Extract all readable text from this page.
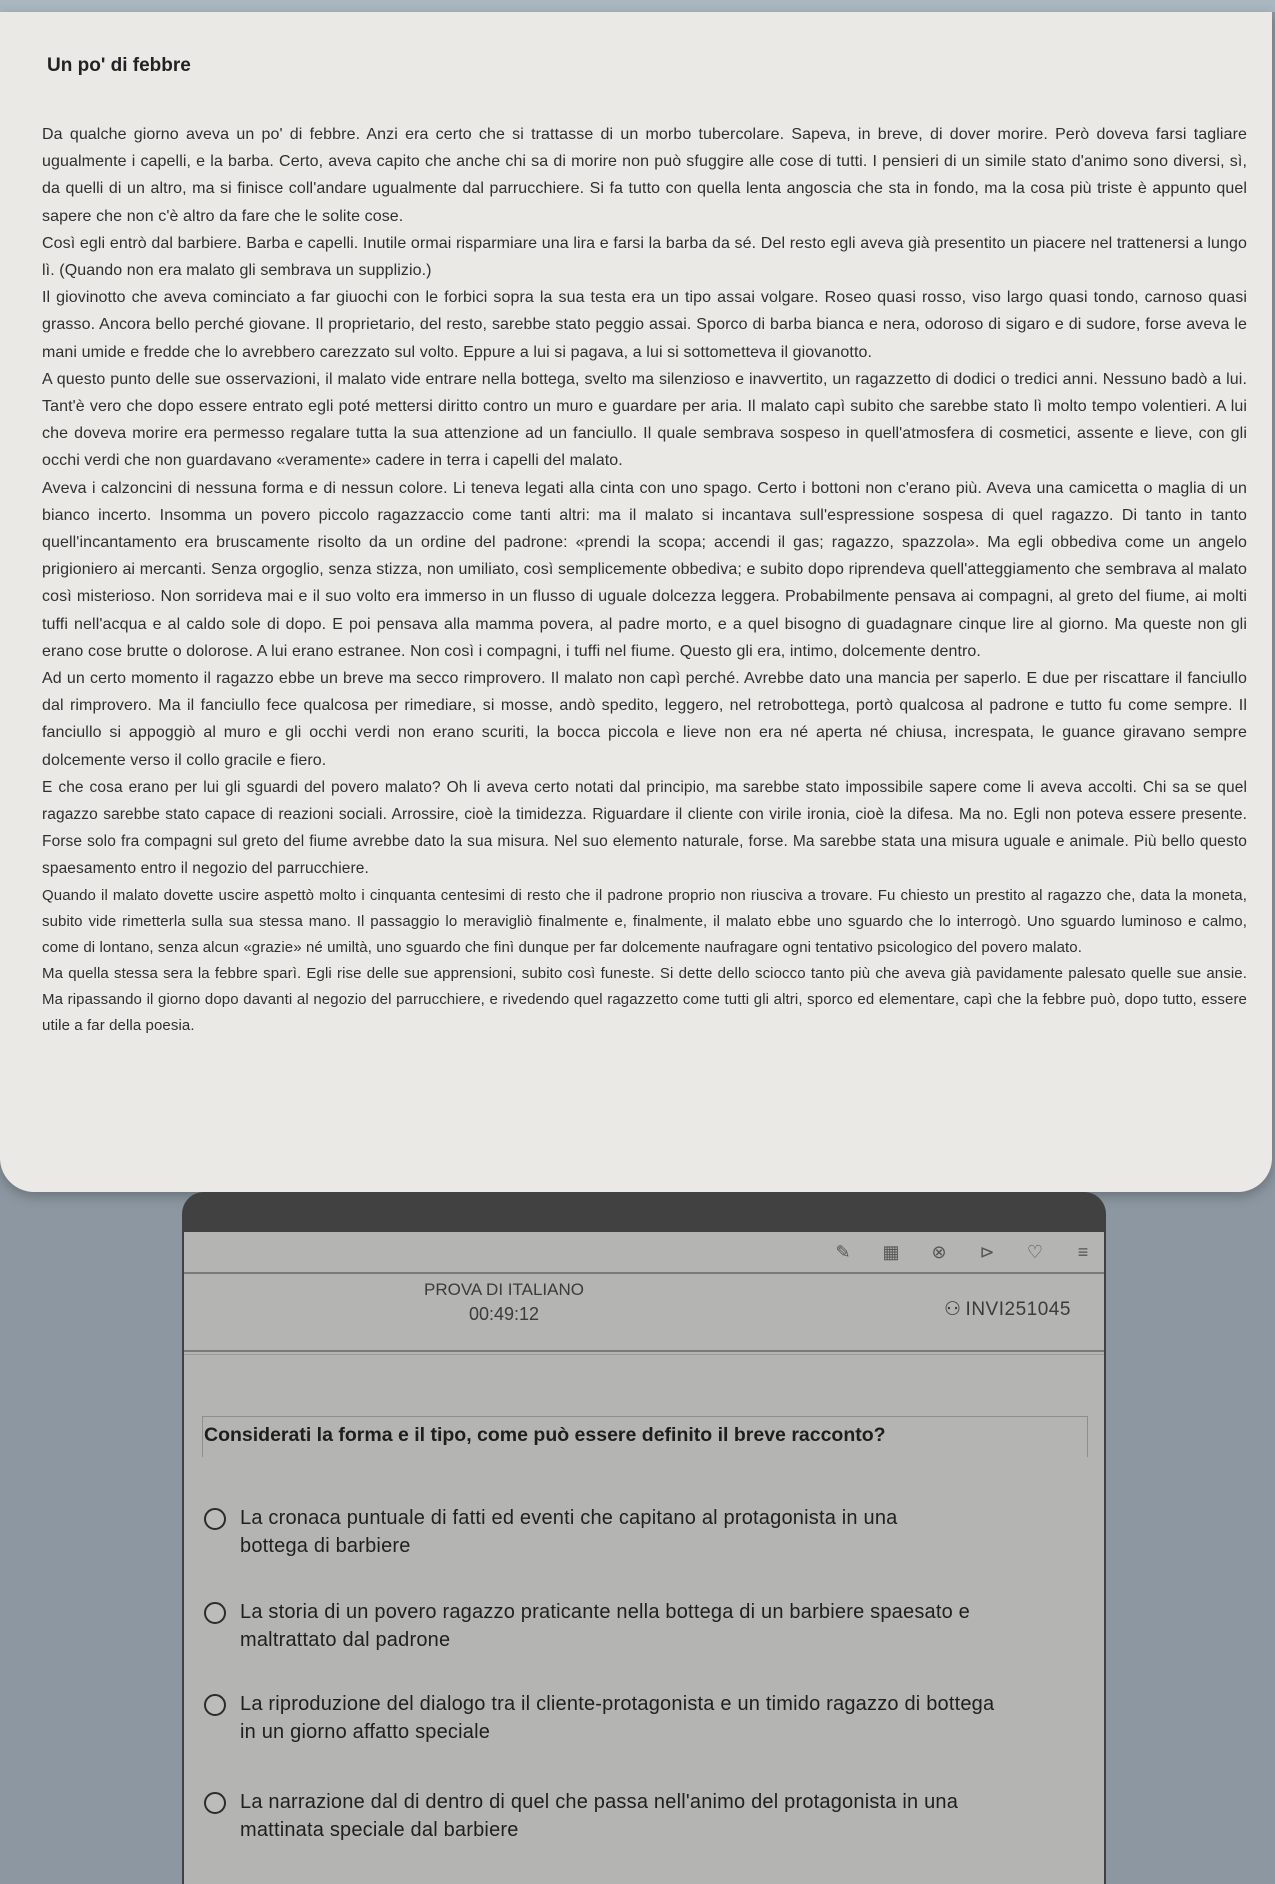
Un po' di febbre

Da qualche giorno aveva un po' di febbre. Anzi era certo che si trattasse di un morbo tubercolare. Sapeva, in breve, di dover morire. Però doveva farsi tagliare ugualmente i capelli, e la barba. Certo, aveva capito che anche chi sa di morire non può sfuggire alle cose di tutti. I pensieri di un simile stato d'animo sono diversi, sì, da quelli di un altro, ma si finisce coll'andare ugualmente dal parrucchiere. Si fa tutto con quella lenta angoscia che sta in fondo, ma la cosa più triste è appunto quel sapere che non c'è altro da fare che le solite cose.

Così egli entrò dal barbiere. Barba e capelli. Inutile ormai risparmiare una lira e farsi la barba da sé. Del resto egli aveva già presentito un piacere nel trattenersi a lungo lì. (Quando non era malato gli sembrava un supplizio.)

Il giovinotto che aveva cominciato a far giuochi con le forbici sopra la sua testa era un tipo assai volgare. Roseo quasi rosso, viso largo quasi tondo, carnoso quasi grasso. Ancora bello perché giovane. Il proprietario, del resto, sarebbe stato peggio assai. Sporco di barba bianca e nera, odoroso di sigaro e di sudore, forse aveva le mani umide e fredde che lo avrebbero carezzato sul volto. Eppure a lui si pagava, a lui si sottometteva il giovanotto.

A questo punto delle sue osservazioni, il malato vide entrare nella bottega, svelto ma silenzioso e inavvertito, un ragazzetto di dodici o tredici anni. Nessuno badò a lui. Tant'è vero che dopo essere entrato egli poté mettersi diritto contro un muro e guardare per aria. Il malato capì subito che sarebbe stato lì molto tempo volentieri. A lui che doveva morire era permesso regalare tutta la sua attenzione ad un fanciullo. Il quale sembrava sospeso in quell'atmosfera di cosmetici, assente e lieve, con gli occhi verdi che non guardavano «veramente» cadere in terra i capelli del malato.

Aveva i calzoncini di nessuna forma e di nessun colore. Li teneva legati alla cinta con uno spago. Certo i bottoni non c'erano più. Aveva una camicetta o maglia di un bianco incerto. Insomma un povero piccolo ragazzaccio come tanti altri: ma il malato si incantava sull'espressione sospesa di quel ragazzo. Di tanto in tanto quell'incantamento era bruscamente risolto da un ordine del padrone: «prendi la scopa; accendi il gas; ragazzo, spazzola». Ma egli obbediva come un angelo prigioniero ai mercanti. Senza orgoglio, senza stizza, non umiliato, così semplicemente obbediva; e subito dopo riprendeva quell'atteggiamento che sembrava al malato così misterioso. Non sorrideva mai e il suo volto era immerso in un flusso di uguale dolcezza leggera. Probabilmente pensava ai compagni, al greto del fiume, ai molti tuffi nell'acqua e al caldo sole di dopo. E poi pensava alla mamma povera, al padre morto, e a quel bisogno di guadagnare cinque lire al giorno. Ma queste non gli erano cose brutte o dolorose. A lui erano estranee. Non così i compagni, i tuffi nel fiume. Questo gli era, intimo, dolcemente dentro.

Ad un certo momento il ragazzo ebbe un breve ma secco rimprovero. Il malato non capì perché. Avrebbe dato una mancia per saperlo. E due per riscattare il fanciullo dal rimprovero. Ma il fanciullo fece qualcosa per rimediare, si mosse, andò spedito, leggero, nel retrobottega, portò qualcosa al padrone e tutto fu come sempre. Il fanciullo si appoggiò al muro e gli occhi verdi non erano scuriti, la bocca piccola e lieve non era né aperta né chiusa, increspata, le guance giravano sempre dolcemente verso il collo gracile e fiero.

E che cosa erano per lui gli sguardi del povero malato? Oh li aveva certo notati dal principio, ma sarebbe stato impossibile sapere come li aveva accolti. Chi sa se quel ragazzo sarebbe stato capace di reazioni sociali. Arrossire, cioè la timidezza. Riguardare il cliente con virile ironia, cioè la difesa. Ma no. Egli non poteva essere presente. Forse solo fra compagni sul greto del fiume avrebbe dato la sua misura. Nel suo elemento naturale, forse. Ma sarebbe stata una misura uguale e animale. Più bello questo spaesamento entro il negozio del parrucchiere.

Quando il malato dovette uscire aspettò molto i cinquanta centesimi di resto che il padrone proprio non riusciva a trovare. Fu chiesto un prestito al ragazzo che, data la moneta, subito vide rimetterla sulla sua stessa mano. Il passaggio lo meravigliò finalmente e, finalmente, il malato ebbe uno sguardo che lo interrogò. Uno sguardo luminoso e calmo, come di lontano, senza alcun «grazie» né umiltà, uno sguardo che finì dunque per far dolcemente naufragare ogni tentativo psicologico del povero malato.

Ma quella stessa sera la febbre sparì. Egli rise delle sue apprensioni, subito così funeste. Si dette dello sciocco tanto più che aveva già pavidamente palesato quelle sue ansie. Ma ripassando il giorno dopo davanti al negozio del parrucchiere, e rivedendo quel ragazzetto come tutti gli altri, sporco ed elementare, capì che la febbre può, dopo tutto, essere utile a far della poesia.

✎ ▦ ⊗ ⊳ ♡	≡
PROVA DI ITALIANO
00:49:12	⚇ INVI251045
Considerati la forma e il tipo, come può essere definito il breve racconto?
La cronaca puntuale di fatti ed eventi che capitano al protagonista in una bottega di barbiere
La storia di un povero ragazzo praticante nella bottega di un barbiere spaesato e maltrattato dal padrone
La riproduzione del dialogo tra il cliente-protagonista e un timido ragazzo di bottega in un giorno affatto speciale
La narrazione dal di dentro di quel che passa nell'animo del protagonista in una mattinata speciale dal barbiere
